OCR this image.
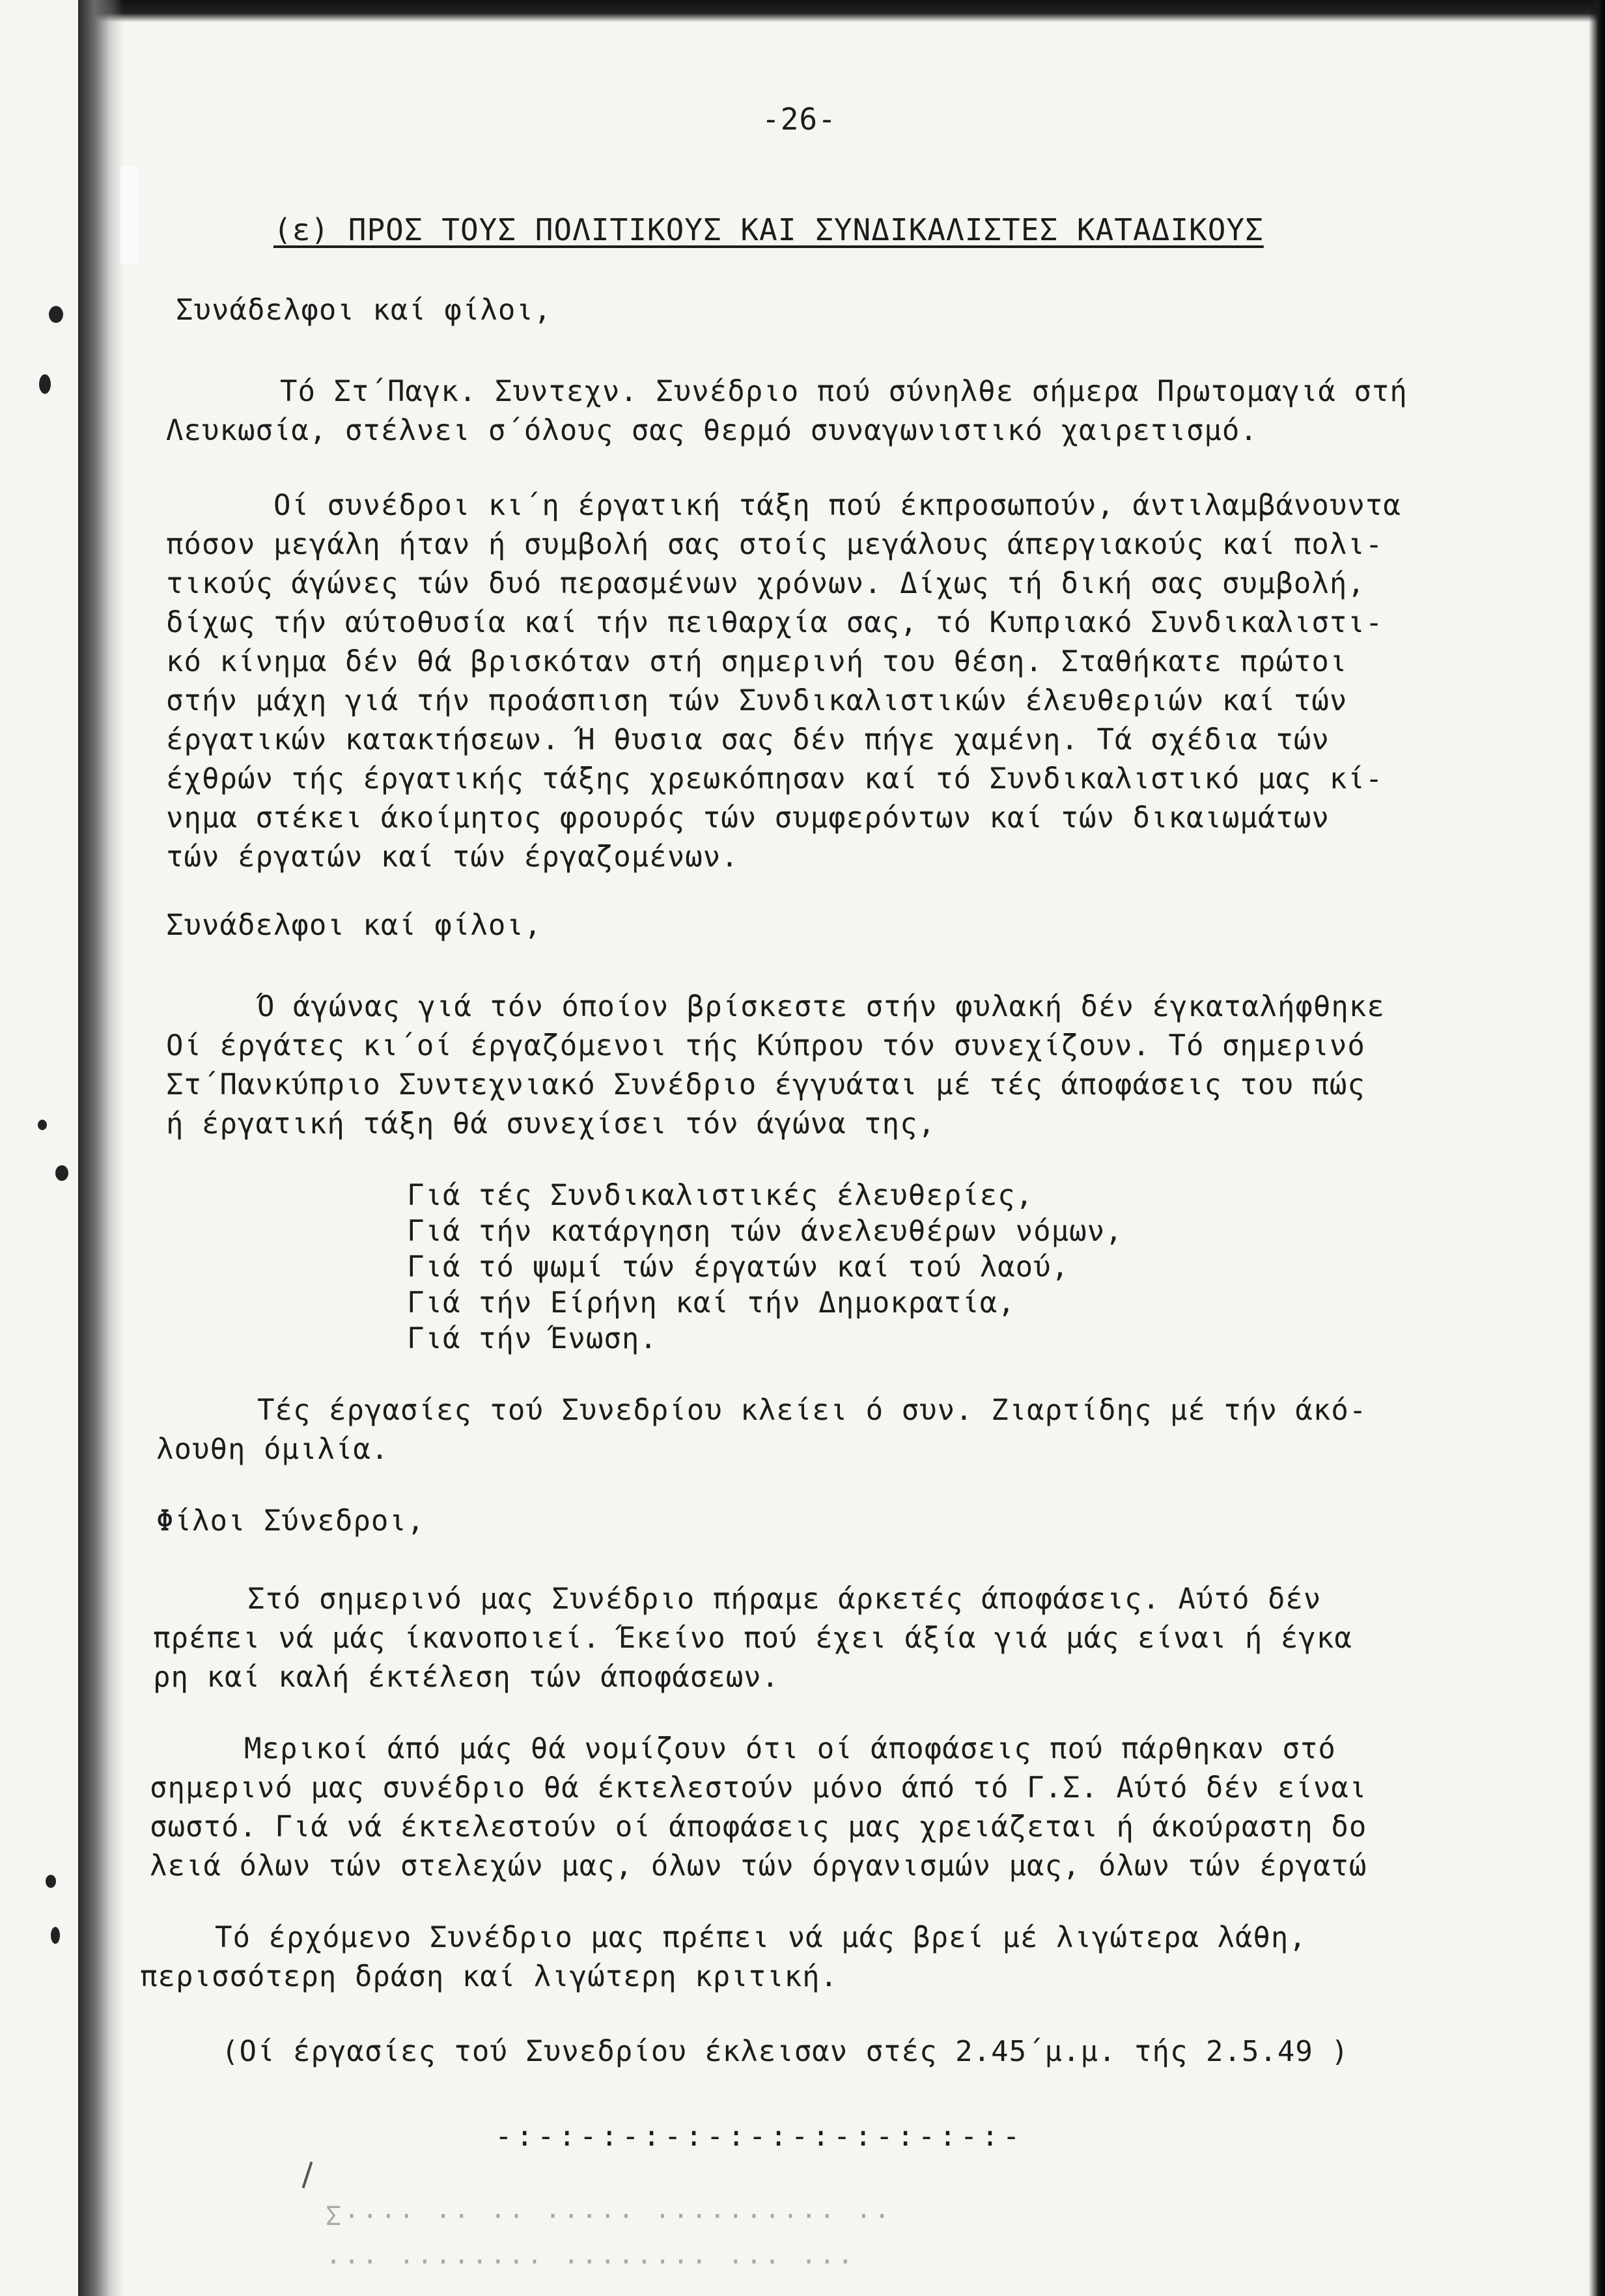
-26-
(ε) ΠΡΟΣ ΤΟΥΣ ΠΟΛΙΤΙΚΟΥΣ ΚΑΙ ΣΥΝΔΙΚΑΛΙΣΤΕΣ ΚΑΤΑΔΙΚΟΥΣ
Συνάδελφοι καί φίλοι,
Τό Στ΄Παγκ. Συντεχν. Συνέδριο πού σύνηλθε σήμερα Πρωτομαγιά στή
Λευκωσία, στέλνει σ΄όλους σας θερμό συναγωνιστικό χαιρετισμό.
Οί συνέδροι κι΄η έργατική τάξη πού έκπροσωπούν, άντιλαμβάνουντα
πόσον μεγάλη ήταν ή συμβολή σας στοίς μεγάλους άπεργιακούς καί πολι-
τικούς άγώνες τών δυό περασμένων χρόνων. Δίχως τή δική σας συμβολή,
δίχως τήν αύτοθυσία καί τήν πειθαρχία σας, τό Κυπριακό Συνδικαλιστι-
κό κίνημα δέν θά βρισκόταν στή σημερινή του θέση. Σταθήκατε πρώτοι
στήν μάχη γιά τήν προάσπιση τών Συνδικαλιστικών έλευθεριών καί τών
έργατικών κατακτήσεων. Ή θυσια σας δέν πήγε χαμένη. Τά σχέδια τών
έχθρών τής έργατικής τάξης χρεωκόπησαν καί τό Συνδικαλιστικό μας κί-
νημα στέκει άκοίμητος φρουρός τών συμφερόντων καί τών δικαιωμάτων
τών έργατών καί τών έργαζομένων.
Συνάδελφοι καί φίλοι,
Ό άγώνας γιά τόν όποίον βρίσκεστε στήν φυλακή δέν έγκαταλήφθηκε
Οί έργάτες κι΄οί έργαζόμενοι τής Κύπρου τόν συνεχίζουν. Τό σημερινό
Στ΄Πανκύπριο Συντεχνιακό Συνέδριο έγγυάται μέ τές άποφάσεις του πώς
ή έργατική τάξη θά συνεχίσει τόν άγώνα της,
Γιά τές Συνδικαλιστικές έλευθερίες,
Γιά τήν κατάργηση τών άνελευθέρων νόμων,
Γιά τό ψωμί τών έργατών καί τού λαού,
Γιά τήν Είρήνη καί τήν Δημοκρατία,
Γιά τήν Ένωση.
Τές έργασίες τού Συνεδρίου κλείει ό συν. Ζιαρτίδης μέ τήν άκό-
λουθη όμιλία.
Φίλοι Σύνεδροι,
Στό σημερινό μας Συνέδριο πήραμε άρκετές άποφάσεις. Αύτό δέν
πρέπει νά μάς ίκανοποιεί. Έκείνο πού έχει άξία γιά μάς είναι ή έγκα
ρη καί καλή έκτέλεση τών άποφάσεων.
Μερικοί άπό μάς θά νομίζουν ότι οί άποφάσεις πού πάρθηκαν στό
σημερινό μας συνέδριο θά έκτελεστούν μόνο άπό τό Γ.Σ. Αύτό δέν είναι
σωστό. Γιά νά έκτελεστούν οί άποφάσεις μας χρειάζεται ή άκούραστη δο
λειά όλων τών στελεχών μας, όλων τών όργανισμών μας, όλων τών έργατώ
Τό έρχόμενο Συνέδριο μας πρέπει νά μάς βρεί μέ λιγώτερα λάθη,
περισσότερη δράση καί λιγώτερη κριτική.
(Οί έργασίες τού Συνεδρίου έκλεισαν στές 2.45΄μ.μ. τής 2.5.49 )
-:-:-:-:-:-:-:-:-:-:-:-:-
Σ···· ·· ·· ····· ·········· ··
··· ········ ········ ··· ···
